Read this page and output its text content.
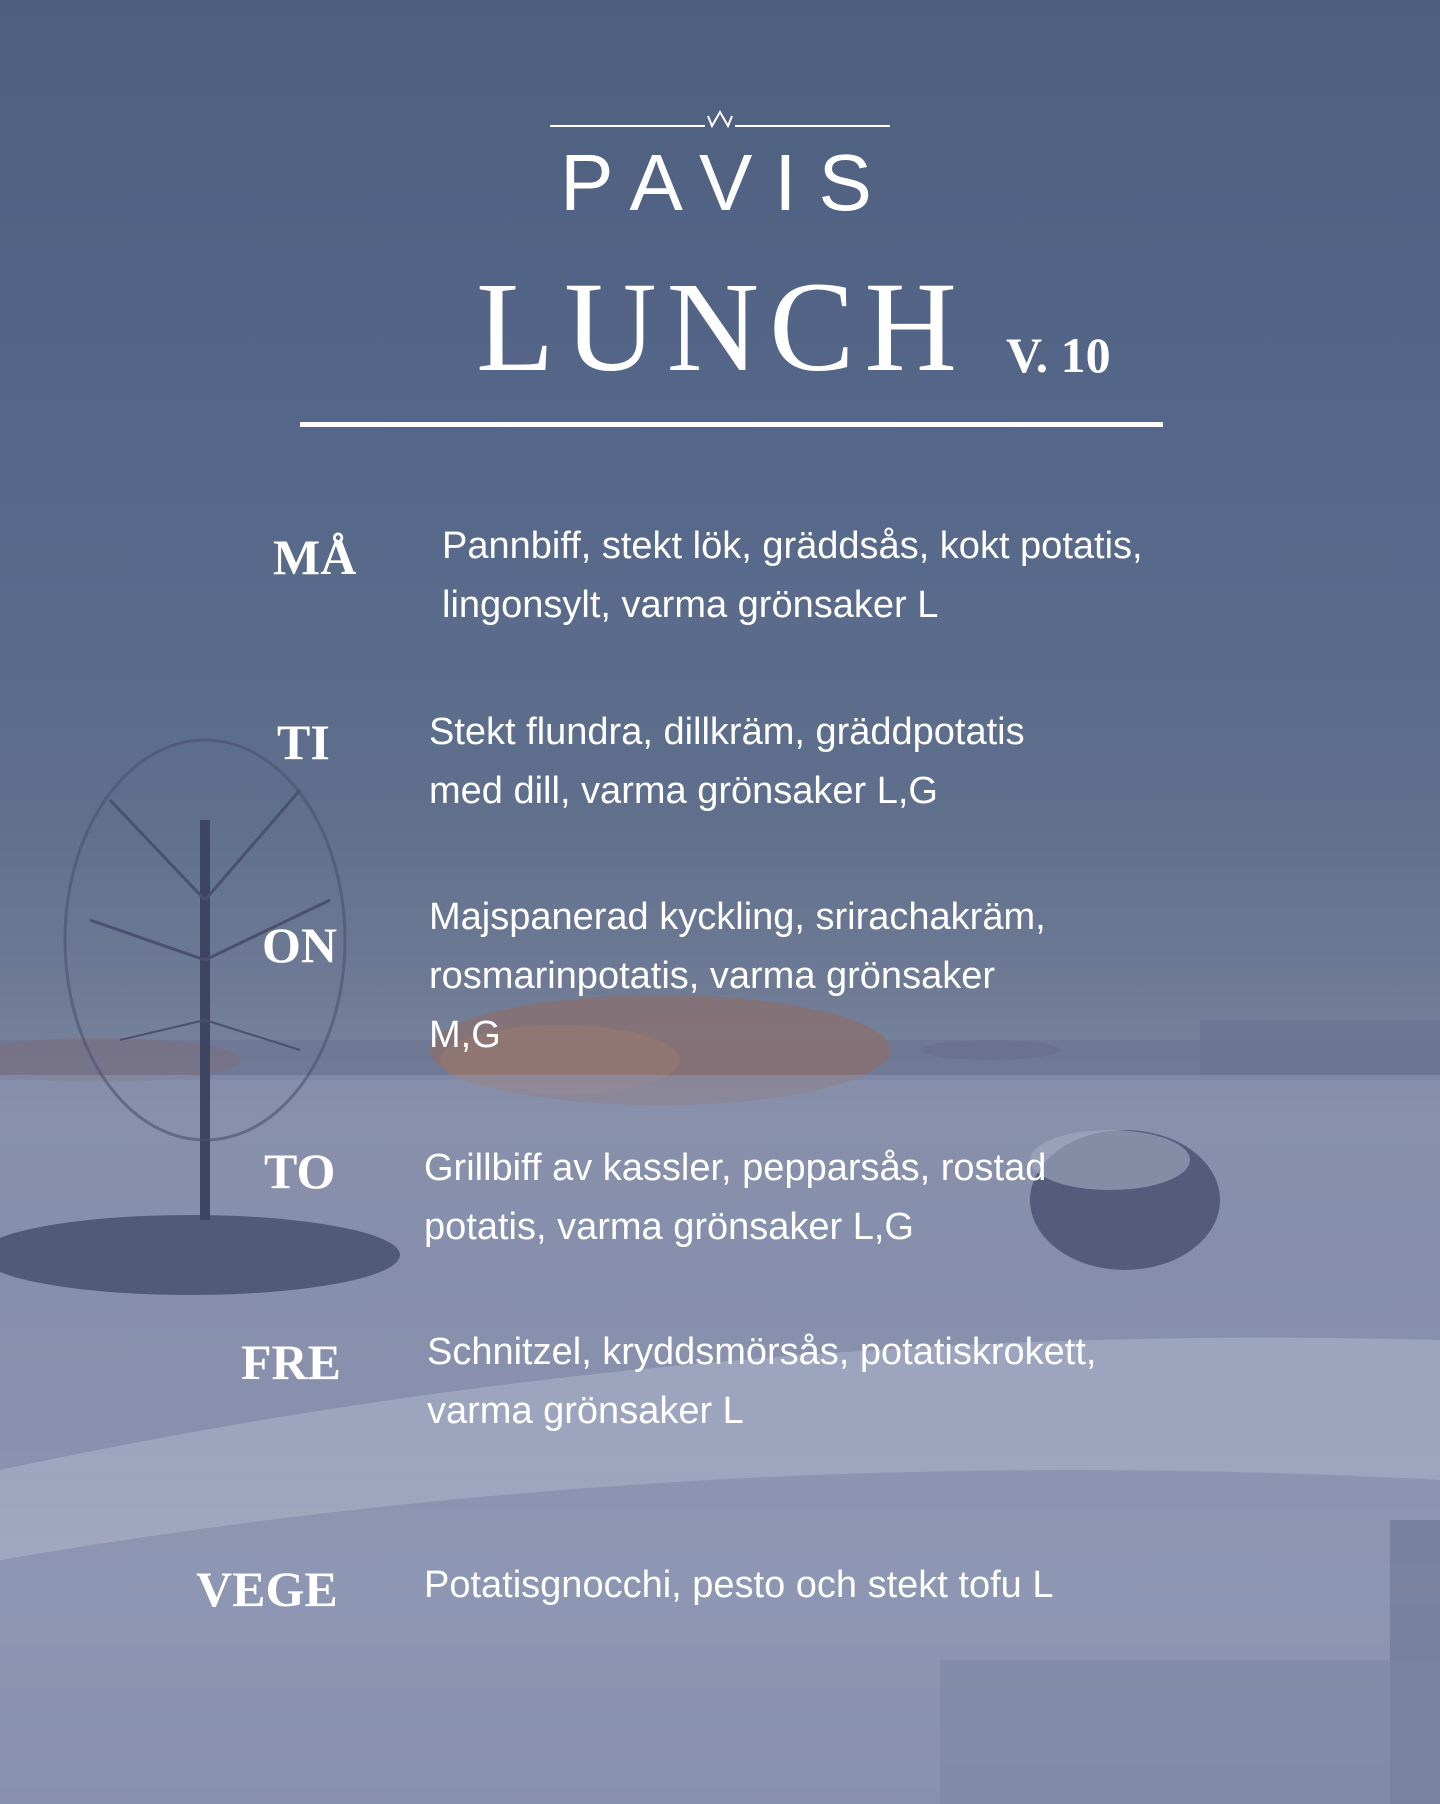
PAVIS
LUNCH V. 10
MÅ Pannbiff, stekt lök, gräddsås, kokt potatis,
lingonsylt, varma grönsaker L
TI	Stekt flundra, dillkräm, gräddpotatis
med dill, varma grönsaker L,G
ON Majspanerad kyckling, srirachakräm,
rosmarinpotatis, varma grönsaker
M,G
TO Grillbiff av kassler, pepparsås, rostad
potatis, varma grönsaker L,G
FRE Schnitzel, kryddsmörsås, potatiskrokett,
varma grönsaker L
VEGE Potatisgnocchi, pesto och stekt tofu L
